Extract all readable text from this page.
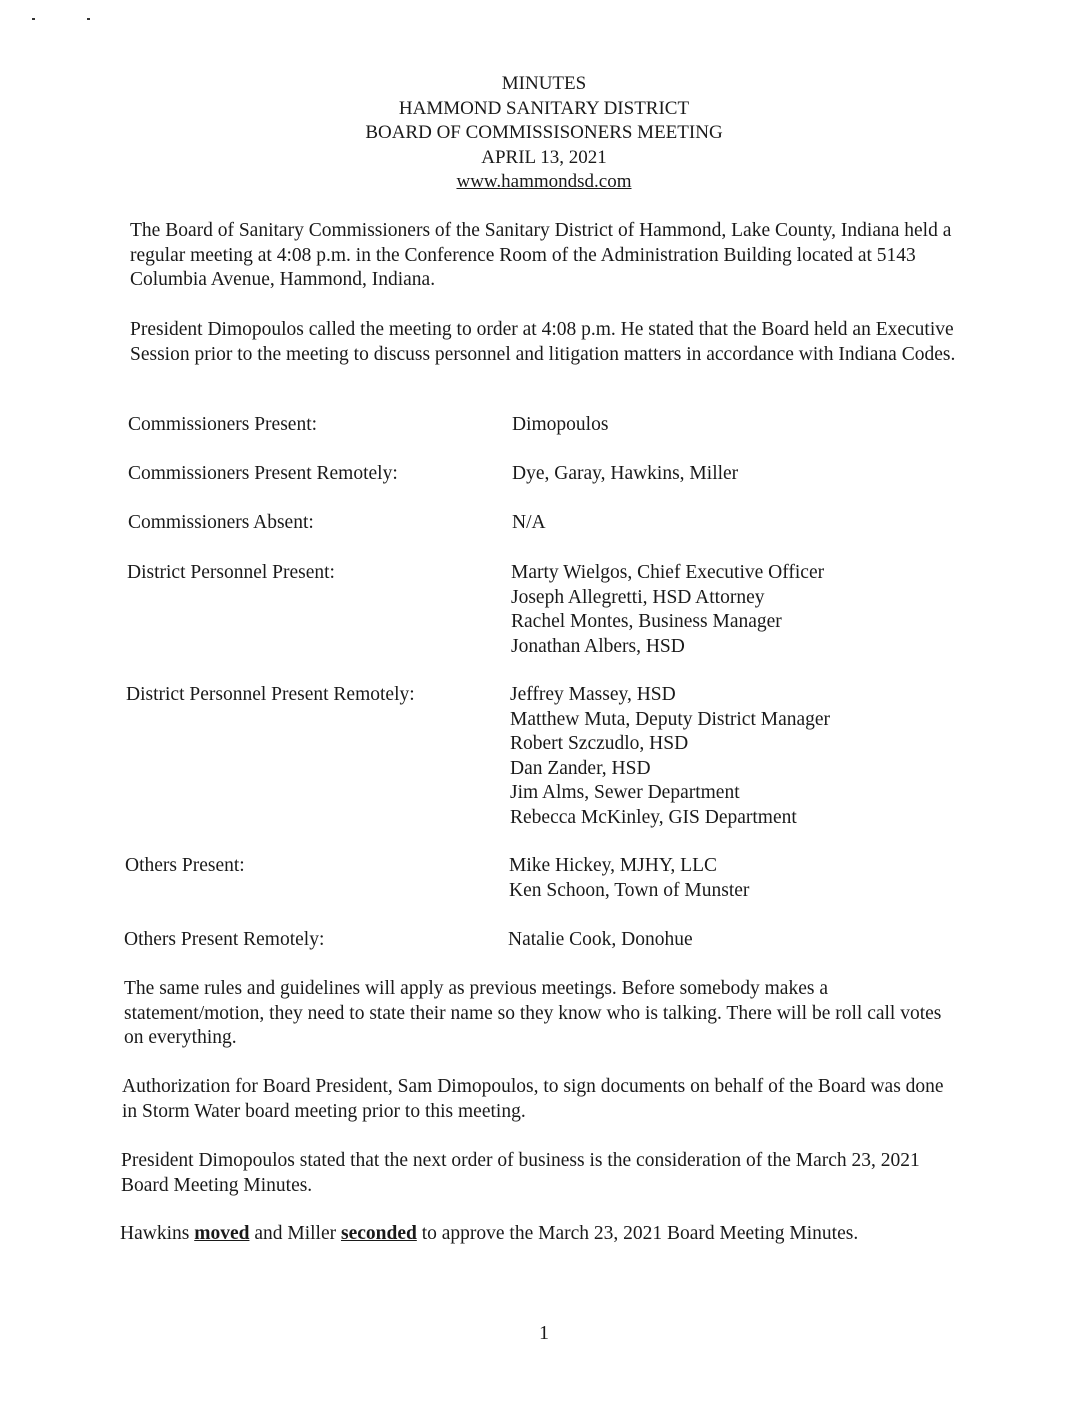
MINUTES
HAMMOND SANITARY DISTRICT
BOARD OF COMMISSISONERS MEETING
APRIL 13, 2021
www.hammondsd.com
The Board of Sanitary Commissioners of the Sanitary District of Hammond, Lake County, Indiana held a regular meeting at 4:08 p.m. in the Conference Room of the Administration Building located at 5143 Columbia Avenue, Hammond, Indiana.
President Dimopoulos called the meeting to order at 4:08 p.m. He stated that the Board held an Executive Session prior to the meeting to discuss personnel and litigation matters in accordance with Indiana Codes.
Commissioners Present:	Dimopoulos
Commissioners Present Remotely:	Dye, Garay, Hawkins, Miller
Commissioners Absent:	N/A
District Personnel Present:	Marty Wielgos, Chief Executive Officer
Joseph Allegretti, HSD Attorney
Rachel Montes, Business Manager
Jonathan Albers, HSD
District Personnel Present Remotely:	Jeffrey Massey, HSD
Matthew Muta, Deputy District Manager
Robert Szczudlo, HSD
Dan Zander, HSD
Jim Alms, Sewer Department
Rebecca McKinley, GIS Department
Others Present:	Mike Hickey, MJHY, LLC
Ken Schoon, Town of Munster
Others Present Remotely:	Natalie Cook, Donohue
The same rules and guidelines will apply as previous meetings. Before somebody makes a statement/motion, they need to state their name so they know who is talking. There will be roll call votes on everything.
Authorization for Board President, Sam Dimopoulos, to sign documents on behalf of the Board was done in Storm Water board meeting prior to this meeting.
President Dimopoulos stated that the next order of business is the consideration of the March 23, 2021 Board Meeting Minutes.
Hawkins moved and Miller seconded to approve the March 23, 2021 Board Meeting Minutes.
1
